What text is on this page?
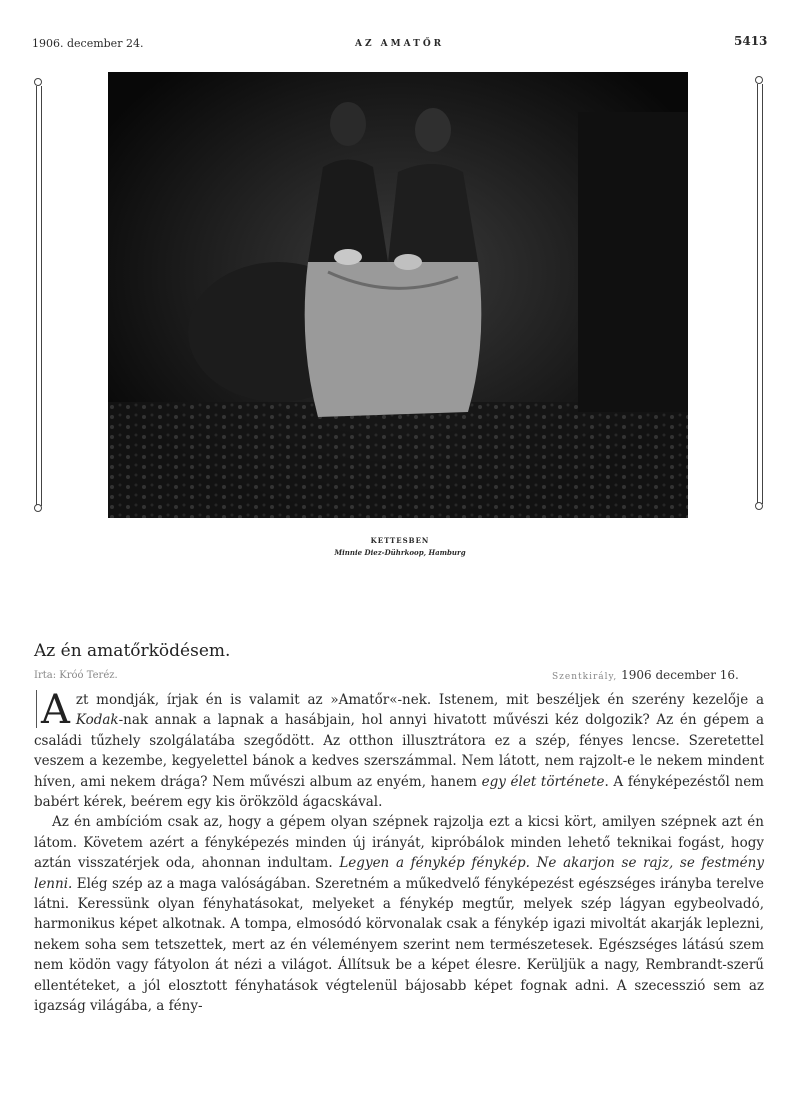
1906. december 24.	AZ AMATŐR	5413
KETTESBEN
Minnie Diez-Dührkoop, Hamburg
Az én amatőrködésem.
Irta: Króó Teréz.	Szentkirály, 1906 december 16.

A zt mondják, írjak én is valamit az »Amatőr«-nek. Istenem, mit beszéljek én szerény kezelője a Kodak-nak annak a lapnak a hasábjain, hol annyi hivatott művészi kéz dolgozik? Az én gépem a családi tűzhely szolgálatába szegődött. Az otthon illusztrátora ez a szép, fényes lencse. Szeretettel veszem a kezembe, kegyelettel bánok a kedves szerszámmal. Nem látott, nem rajzolt-e le nekem mindent híven, ami nekem drága? Nem művészi album az enyém, hanem egy élet története. A fényképezéstől nem babért kérek, beérem egy kis örökzöld ágacskával.

Az én ambícióm csak az, hogy a gépem olyan szépnek rajzolja ezt a kicsi kört, amilyen szépnek azt én látom. Követem azért a fényképezés minden új irányát, kipróbálok minden lehető teknikai fogást, hogy aztán visszatérjek oda, ahonnan indultam. Legyen a fénykép fénykép. Ne akarjon se rajz, se festmény lenni. Elég szép az a maga valóságában. Szeretném a műkedvelő fényképezést egészséges irányba terelve látni. Keressünk olyan fényhatásokat, melyeket a fénykép megtűr, melyek szép lágyan egybeolvadó, harmonikus képet alkotnak. A tompa, elmosódó körvonalak csak a fénykép igazi mivoltát akarják leplezni, nekem soha sem tetszettek, mert az én véleményem szerint nem természetesek. Egészséges látású szem nem ködön vagy fátyolon át nézi a világot. Állítsuk be a képet élesre. Kerüljük a nagy, Rembrandt-szerű ellentéteket, a jól elosztott fényhatások végtelenül bájosabb képet fognak adni. A szecesszió sem az igazság világába, a fény-
